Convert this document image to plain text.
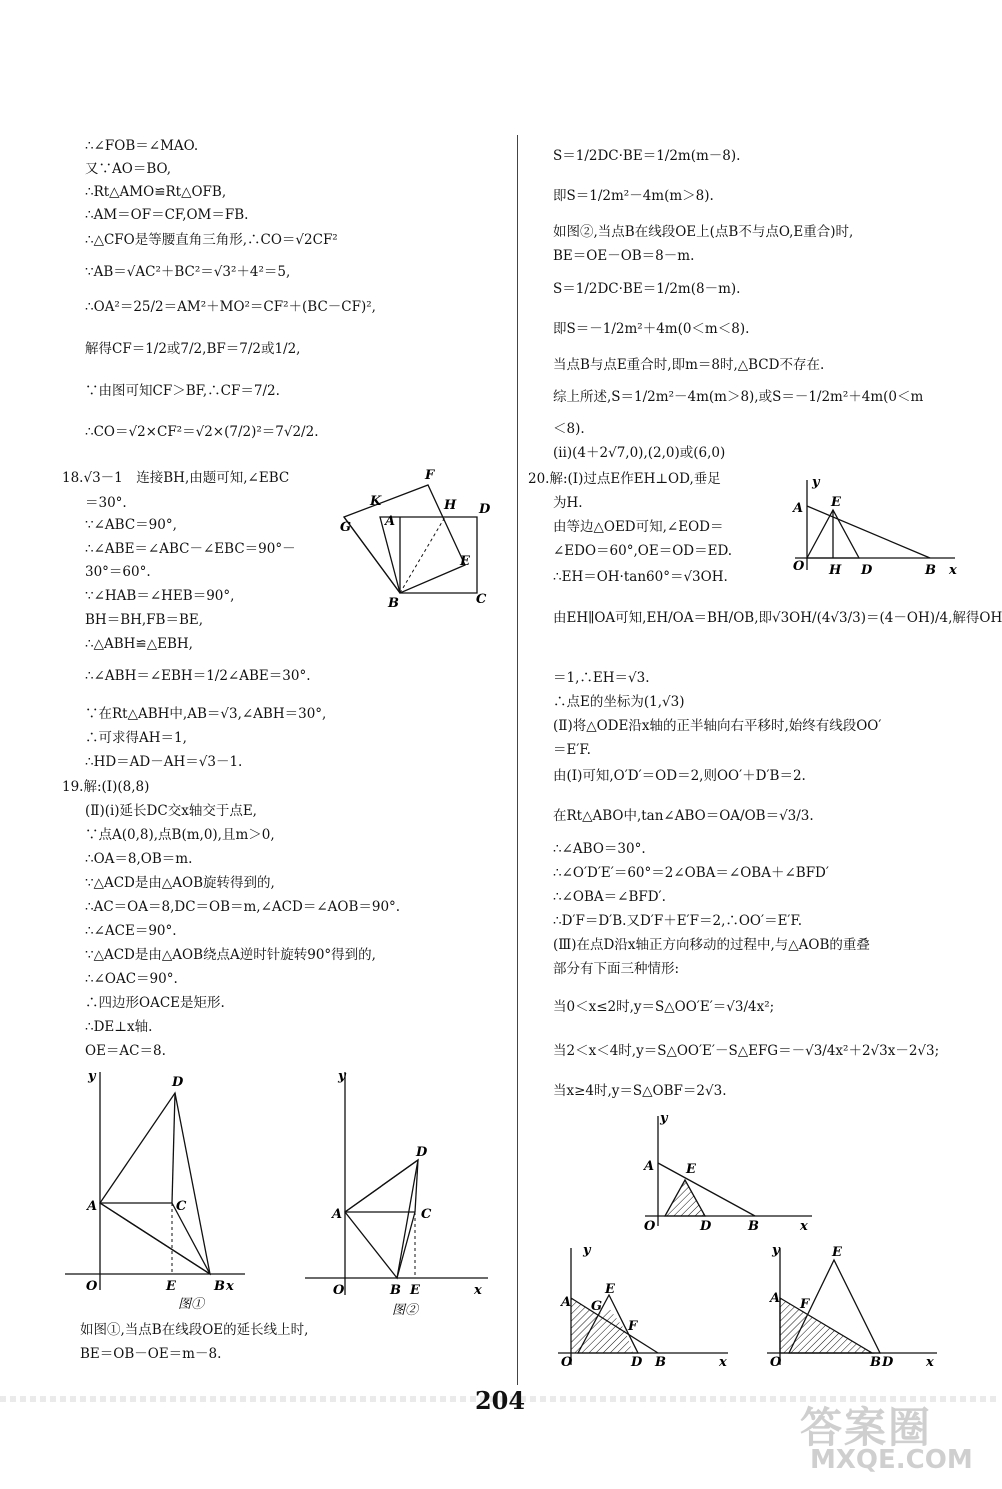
∴∠FOB＝∠MAO.

又∵AO＝BO,

∴Rt△AMO≌Rt△OFB,

∴AM＝OF＝CF,OM＝FB.

∴△CFO是等腰直角三角形,∴CO＝√2CF²

∵AB＝√AC²＋BC²＝√3²＋4²＝5,

∴OA²＝25/2＝AM²＋MO²＝CF²＋(BC－CF)²,

解得CF＝1/2或7/2,BF＝7/2或1/2,

∵由图可知CF＞BF,∴CF＝7/2.

∴CO＝√2×CF²＝√2×(7/2)²＝7√2/2.

18.√3－1　连接BH,由题可知,∠EBC

＝30°.

∵∠ABC＝90°,

∴∠ABE＝∠ABC－∠EBC＝90°－

30°＝60°.

∵∠HAB＝∠HEB＝90°,

BH＝BH,FB＝BE,

∴△ABH≌△EBH,

∴∠ABH＝∠EBH＝1/2∠ABE＝30°.

∵在Rt△ABH中,AB＝√3,∠ABH＝30°,

∴可求得AH＝1,

∴HD＝AD－AH＝√3－1.

19.解:(Ⅰ)(8,8)

(Ⅱ)(ⅰ)延长DC交x轴交于点E,

∵点A(0,8),点B(m,0),且m＞0,

∴OA＝8,OB＝m.

∵△ACD是由△AOB旋转得到的,

∴AC＝OA＝8,DC＝OB＝m,∠ACD＝∠AOB＝90°.

∴∠ACE＝90°.

∵△ACD是由△AOB绕点A逆时针旋转90°得到的,

∴∠OAC＝90°.

∴四边形OACE是矩形.

∴DE⊥x轴.

OE＝AC＝8.

如图①,当点B在线段OE的延长线上时,

BE＝OB－OE＝m－8.

F
K
G	A
H D
E
B	C
y	D
A	C
O	E	B x
图①
y
D
A	C
O	B E	x
图②

S＝1/2DC·BE＝1/2m(m－8).

即S＝1/2m²－4m(m＞8).

如图②,当点B在线段OE上(点B不与点O,E重合)时,

BE＝OE－OB＝8－m.

S＝1/2DC·BE＝1/2m(8－m).

即S＝－1/2m²＋4m(0＜m＜8).

当点B与点E重合时,即m＝8时,△BCD不存在.

综上所述,S＝1/2m²－4m(m＞8),或S＝－1/2m²＋4m(0＜m

＜8).

(ⅱ)(4＋2√7,0),(2,0)或(6,0)

20.解:(Ⅰ)过点E作EH⊥OD,垂足

为H.

由等边△OED可知,∠EOD＝

∠EDO＝60°,OE＝OD＝ED.

∴EH＝OH·tan60°＝√3OH.

由EH∥OA可知,EH/OA＝BH/OB,即√3OH/(4√3/3)＝(4－OH)/4,解得OH

＝1,∴EH＝√3.

∴点E的坐标为(1,√3)

(Ⅱ)将△ODE沿x轴的正半轴向右平移时,始终有线段OO′

＝E′F.

由(Ⅰ)可知,O′D′＝OD＝2,则OO′＋D′B＝2.

在Rt△ABO中,tan∠ABO＝OA/OB＝√3/3.

∴∠ABO＝30°.

∴∠O′D′E′＝60°＝2∠OBA＝∠OBA＋∠BFD′

∴∠OBA＝∠BFD′.

∴D′F＝D′B.又D′F＋E′F＝2,∴OO′＝E′F.

(Ⅲ)在点D沿x轴正方向移动的过程中,与△AOB的重叠

部分有下面三种情形:

当0＜x≤2时,y＝S△OO′E′＝√3/4x²;

当2＜x＜4时,y＝S△OO′E′－S△EFG＝－√3/4x²＋2√3x－2√3;

当x≥4时,y＝S△OBF＝2√3.

y
A E
O H D	B x
y
A E
O	D	B	x
y
A G
E
F
O	D B	x
y	E
A F
O	B D	x
204
答案圈
MXQE.COM
